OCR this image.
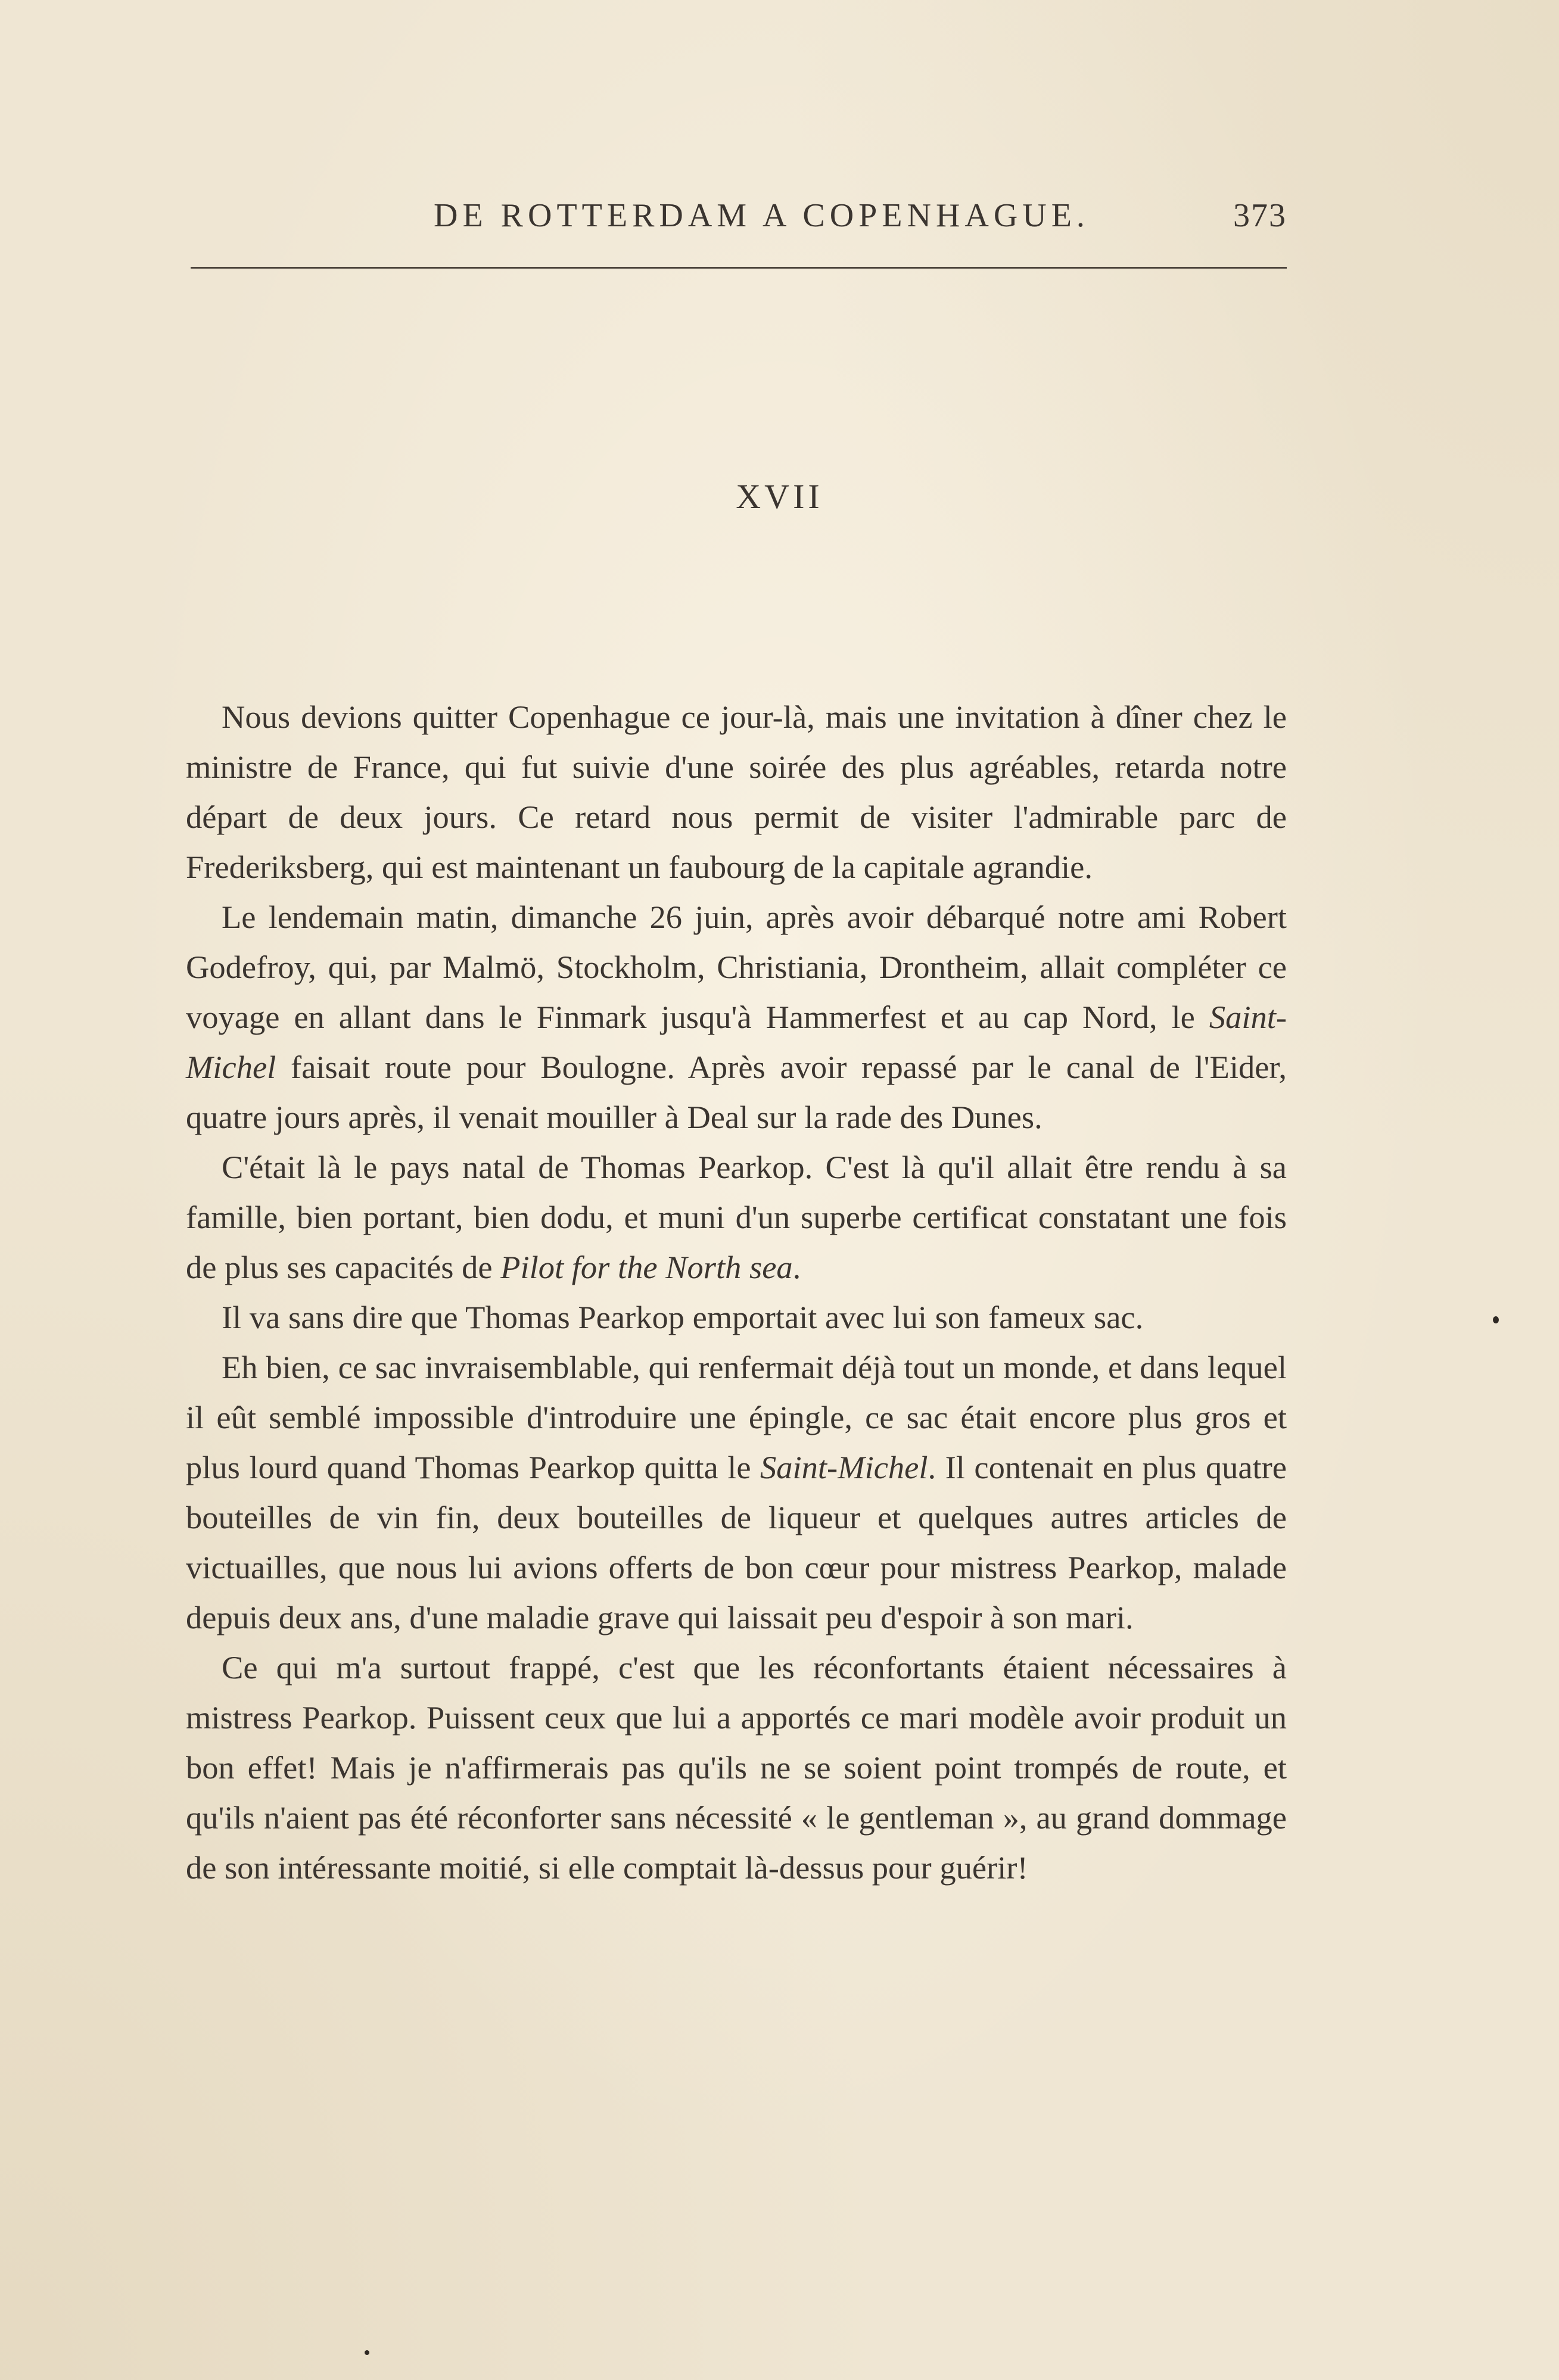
DE ROTTERDAM A COPENHAGUE.	373
XVII

Nous devions quitter Copenhague ce jour-là, mais une invitation à dîner chez le ministre de France, qui fut suivie d'une soirée des plus agréables, retarda notre départ de deux jours. Ce retard nous permit de visiter l'admirable parc de Frederiksberg, qui est maintenant un faubourg de la capitale agrandie.

Le lendemain matin, dimanche 26 juin, après avoir débarqué notre ami Robert Godefroy, qui, par Malmö, Stockholm, Christiania, Drontheim, allait compléter ce voyage en allant dans le Finmark jusqu'à Hammerfest et au cap Nord, le Saint-Michel faisait route pour Boulogne. Après avoir repassé par le canal de l'Eider, quatre jours après, il venait mouiller à Deal sur la rade des Dunes.

C'était là le pays natal de Thomas Pearkop. C'est là qu'il allait être rendu à sa famille, bien portant, bien dodu, et muni d'un superbe certificat constatant une fois de plus ses capacités de Pilot for the North sea.

Il va sans dire que Thomas Pearkop emportait avec lui son fameux sac.

Eh bien, ce sac invraisemblable, qui renfermait déjà tout un monde, et dans lequel il eût semblé impossible d'introduire une épingle, ce sac était encore plus gros et plus lourd quand Thomas Pearkop quitta le Saint-Michel. Il contenait en plus quatre bouteilles de vin fin, deux bouteilles de liqueur et quelques autres articles de victuailles, que nous lui avions offerts de bon cœur pour mistress Pearkop, malade depuis deux ans, d'une maladie grave qui laissait peu d'espoir à son mari.

Ce qui m'a surtout frappé, c'est que les réconfortants étaient nécessaires à mistress Pearkop. Puissent ceux que lui a apportés ce mari modèle avoir produit un bon effet! Mais je n'affirmerais pas qu'ils ne se soient point trompés de route, et qu'ils n'aient pas été réconforter sans nécessité « le gentleman », au grand dommage de son intéressante moitié, si elle comptait là-dessus pour guérir!
